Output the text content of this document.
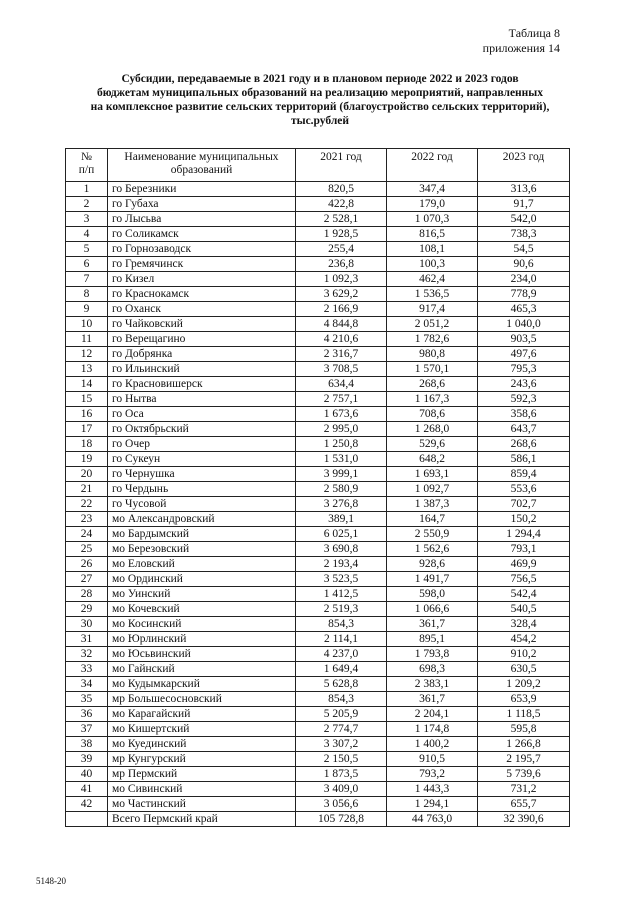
Таблица 8
приложения 14
Субсидии, передаваемые в 2021 году и в плановом периоде 2022 и 2023 годов
бюджетам муниципальных образований на реализацию мероприятий, направленных
на комплексное развитие сельских территорий (благоустройство сельских территорий),
тыс.рублей
№
п/п	Наименование муниципальных образований	2021 год	2022 год	2023 год
1	го Березники	820,5	347,4	313,6
2	го Губаха	422,8	179,0	91,7
3	го Лысьва	2 528,1	1 070,3	542,0
4	го Соликамск	1 928,5	816,5	738,3
5	го Горнозаводск	255,4	108,1	54,5
6	го Гремячинск	236,8	100,3	90,6
7	го Кизел	1 092,3	462,4	234,0
8	го Краснокамск	3 629,2	1 536,5	778,9
9	го Оханск	2 166,9	917,4	465,3
10	го Чайковский	4 844,8	2 051,2	1 040,0
11	го Верещагино	4 210,6	1 782,6	903,5
12	го Добрянка	2 316,7	980,8	497,6
13	го Ильинский	3 708,5	1 570,1	795,3
14	го Красновишерск	634,4	268,6	243,6
15	го Нытва	2 757,1	1 167,3	592,3
16	го Оса	1 673,6	708,6	358,6
17	го Октябрьский	2 995,0	1 268,0	643,7
18	го Очер	1 250,8	529,6	268,6
19	го Сукеун	1 531,0	648,2	586,1
20	го Чернушка	3 999,1	1 693,1	859,4
21	го Чердынь	2 580,9	1 092,7	553,6
22	го Чусовой	3 276,8	1 387,3	702,7
23	мо Александровский	389,1	164,7	150,2
24	мо Бардымский	6 025,1	2 550,9	1 294,4
25	мо Березовский	3 690,8	1 562,6	793,1
26	мо Еловский	2 193,4	928,6	469,9
27	мо Ординский	3 523,5	1 491,7	756,5
28	мо Уинский	1 412,5	598,0	542,4
29	мо Кочевский	2 519,3	1 066,6	540,5
30	мо Косинский	854,3	361,7	328,4
31	мо Юрлинский	2 114,1	895,1	454,2
32	мо Юсьвинский	4 237,0	1 793,8	910,2
33	мо Гайнский	1 649,4	698,3	630,5
34	мо Кудымкарский	5 628,8	2 383,1	1 209,2
35	мр Большесосновский	854,3	361,7	653,9
36	мо Карагайский	5 205,9	2 204,1	1 118,5
37	мо Кишертский	2 774,7	1 174,8	595,8
38	мо Куединский	3 307,2	1 400,2	1 266,8
39	мр Кунгурский	2 150,5	910,5	2 195,7
40	мр Пермский	1 873,5	793,2	5 739,6
41	мо Сивинский	3 409,0	1 443,3	731,2
42	мо Частинский	3 056,6	1 294,1	655,7
	Всего Пермский край	105 728,8	44 763,0	32 390,6
5148-20
